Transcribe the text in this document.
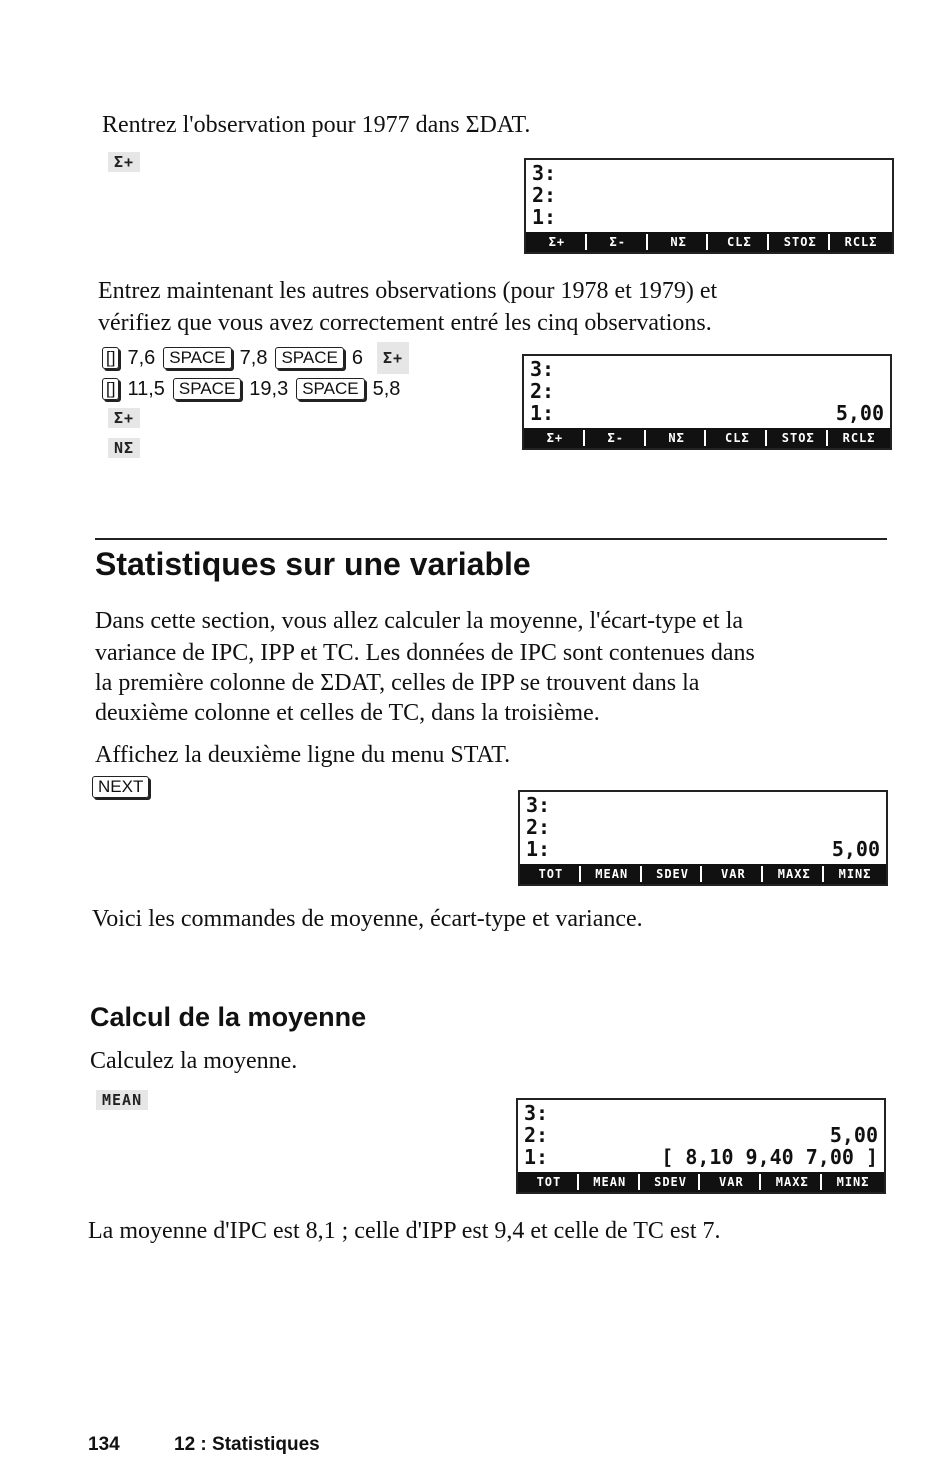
Rentrez l'observation pour 1977 dans ΣDAT.
Σ+	3:
2:
1:
Σ+	Σ-	NΣ	CLΣ	STOΣ	RCLΣ
Entrez maintenant les autres observations (pour 1978 et 1979) et
vérifiez que vous avez correctement entré les cinq observations.
[] 7,6 SPACE 7,8 SPACE 6	Σ+
[] 11,5 SPACE 19,3 SPACE 5,8
Σ+
NΣ
3:
2:
1:	5,00
Σ+	Σ-	NΣ	CLΣ	STOΣ	RCLΣ
Statistiques sur une variable
Dans cette section, vous allez calculer la moyenne, l'écart-type et la
variance de IPC, IPP et TC. Les données de IPC sont contenues dans
la première colonne de ΣDAT, celles de IPP se trouvent dans la
deuxième colonne et celles de TC, dans la troisième.
Affichez la deuxième ligne du menu STAT.
NEXT
3:
2:
1:	5,00
TOT	MEAN	SDEV	VAR	MAXΣ	MINΣ
Voici les commandes de moyenne, écart-type et variance.
Calcul de la moyenne
Calculez la moyenne.
MEAN
3:
2:	5,00
1:	[ 8,10 9,40 7,00 ]
TOT	MEAN	SDEV	VAR	MAXΣ	MINΣ
La moyenne d'IPC est 8,1 ; celle d'IPP est 9,4 et celle de TC est 7.
134	12 : Statistiques
